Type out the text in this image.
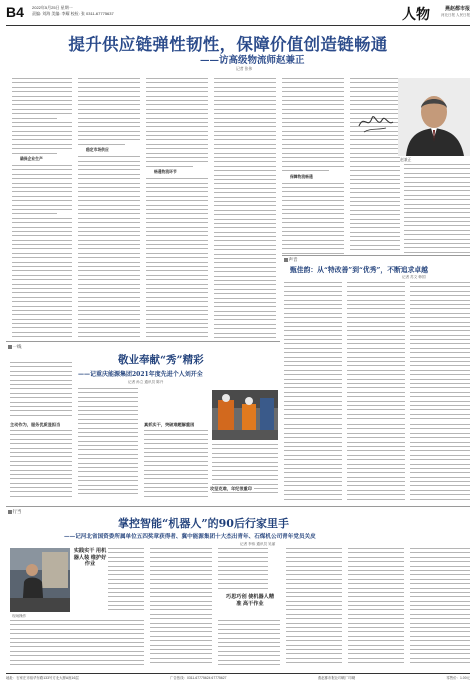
B4 2022年5月25日 星期一
责编: 刘海 美编: 李耀 校检: 张 0311-67775637	人物	燕赵都市报
河北日报 人民日报
提升供应链弹性韧性，保障价值创造链畅通
——访高级物流师赵兼正
记者 张伟
确保企业生产
稳定市场供应
畅通物流环节
保障物流畅通
赵兼正
声音
甄佳韵：从“特改善”到“优秀”，不断追求卓越
记者 苏文 韩国
一线
敬业奉献“秀”精彩
——记重庆能源集团2021年度先进个人刘开全
记者 孙立 通讯员 陈升
主动作为，服务优质显担当	真抓实干，突破难题解重困
攻坚克难，年纪很重印
行当
掌控智能“机器人”的90后行家里手
——记河北省国资委所属单位五四奖章获得者、冀中能源集团十大杰出青年、石煤机公司青年党员关皮
记者 李伟 通讯员 吴丽
现场操作
实践实干 用机器人装 维护好作业
巧思巧创 使机器人精准 高干作业
地址：石家庄市裕华东路133号方北大厦A座16层	广告热线：0311-67775624 67775627	燕赵都市报社印刷厂印刷	零售价：1.00元
